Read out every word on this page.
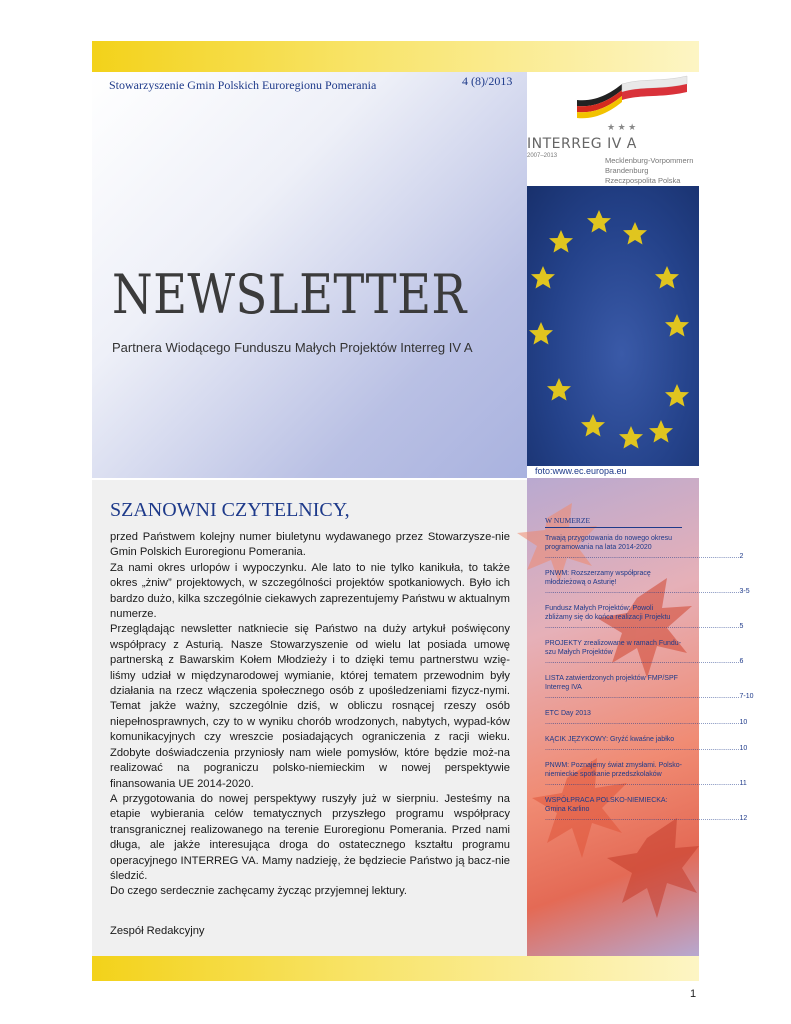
Stowarzyszenie Gmin Polskich Euroregionu Pomerania	4 (8)/2013
NEWSLETTER
Partnera Wiodącego Funduszu Małych Projektów Interreg IV A
★ ★ ★
INTERREG IV A
2007–2013	Mecklenburg-Vorpommern
Brandenburg
Rzeczpospolita Polska
foto:www.ec.europa.eu
SZANOWNI CZYTELNICY,

przed Państwem kolejny numer biuletynu wydawanego przez Stowarzysze-nie Gmin Polskich Euroregionu Pomerania.

Za nami okres urlopów i wypoczynku. Ale lato to nie tylko kanikuła, to także okres „żniw” projektowych, w szczególności projektów spotkaniowych. Było ich bardzo dużo, kilka szczególnie ciekawych zaprezentujemy Państwu w aktualnym numerze.

Przeglądając newsletter natkniecie się Państwo na duży artykuł poświęcony współpracy z Asturią. Nasze Stowarzyszenie od wielu lat posiada umowę partnerską z Bawarskim Kołem Młodzieży i to dzięki temu partnerstwu wzię-liśmy udział w międzynarodowej wymianie, której tematem przewodnim były działania na rzecz włączenia społecznego osób z upośledzeniami fizycz-nymi. Temat jakże ważny, szczególnie dziś, w obliczu rosnącej rzeszy osób niepełnosprawnych, czy to w wyniku chorób wrodzonych, nabytych, wypad-ków komunikacyjnych czy wreszcie posiadających ograniczenia z racji wieku. Zdobyte doświadczenia przyniosły nam wiele pomysłów, które będzie moż-na realizować na pograniczu polsko-niemieckim w nowej perspektywie finansowania UE 2014-2020.

A przygotowania do nowej perspektywy ruszyły już w sierpniu. Jesteśmy na etapie wybierania celów tematycznych przyszłego programu współpracy transgranicznej realizowanego na terenie Euroregionu Pomerania. Przed nami długa, ale jakże interesująca droga do ostatecznego kształtu programu operacyjnego INTERREG VA. Mamy nadzieję, że będziecie Państwo ją bacz-nie śledzić.

Do czego serdecznie zachęcamy życząc przyjemnej lektury.

Zespół Redakcyjny
W NUMERZE
Trwają przygotowania do nowego okresu programowania na lata 2014-2020
.................................................................................................... 2
PNWM: Rozszerzamy współpracę młodzieżową o Asturię!
.................................................................................................... 3-5
Fundusz Małych Projektów: Powoli zbliżamy się do końca realizacji Projektu
.................................................................................................... 5
PROJEKTY zrealizowane w ramach Fundu-szu Małych Projektów
.................................................................................................... 6
LISTA zatwierdzonych projektów FMP/SPF Interreg IVA
.................................................................................................... 7-10
ETC Day 2013
.................................................................................................... 10
KĄCIK JĘZYKOWY: Gryźć kwaśne jabłko
.................................................................................................... 10
PNWM: Poznajemy świat zmysłami. Polsko-niemieckie spotkanie przedszkolaków
.................................................................................................... 11
WSPÓŁPRACA POLSKO-NIEMIECKA: Gmina Karlino
.................................................................................................... 12
1
